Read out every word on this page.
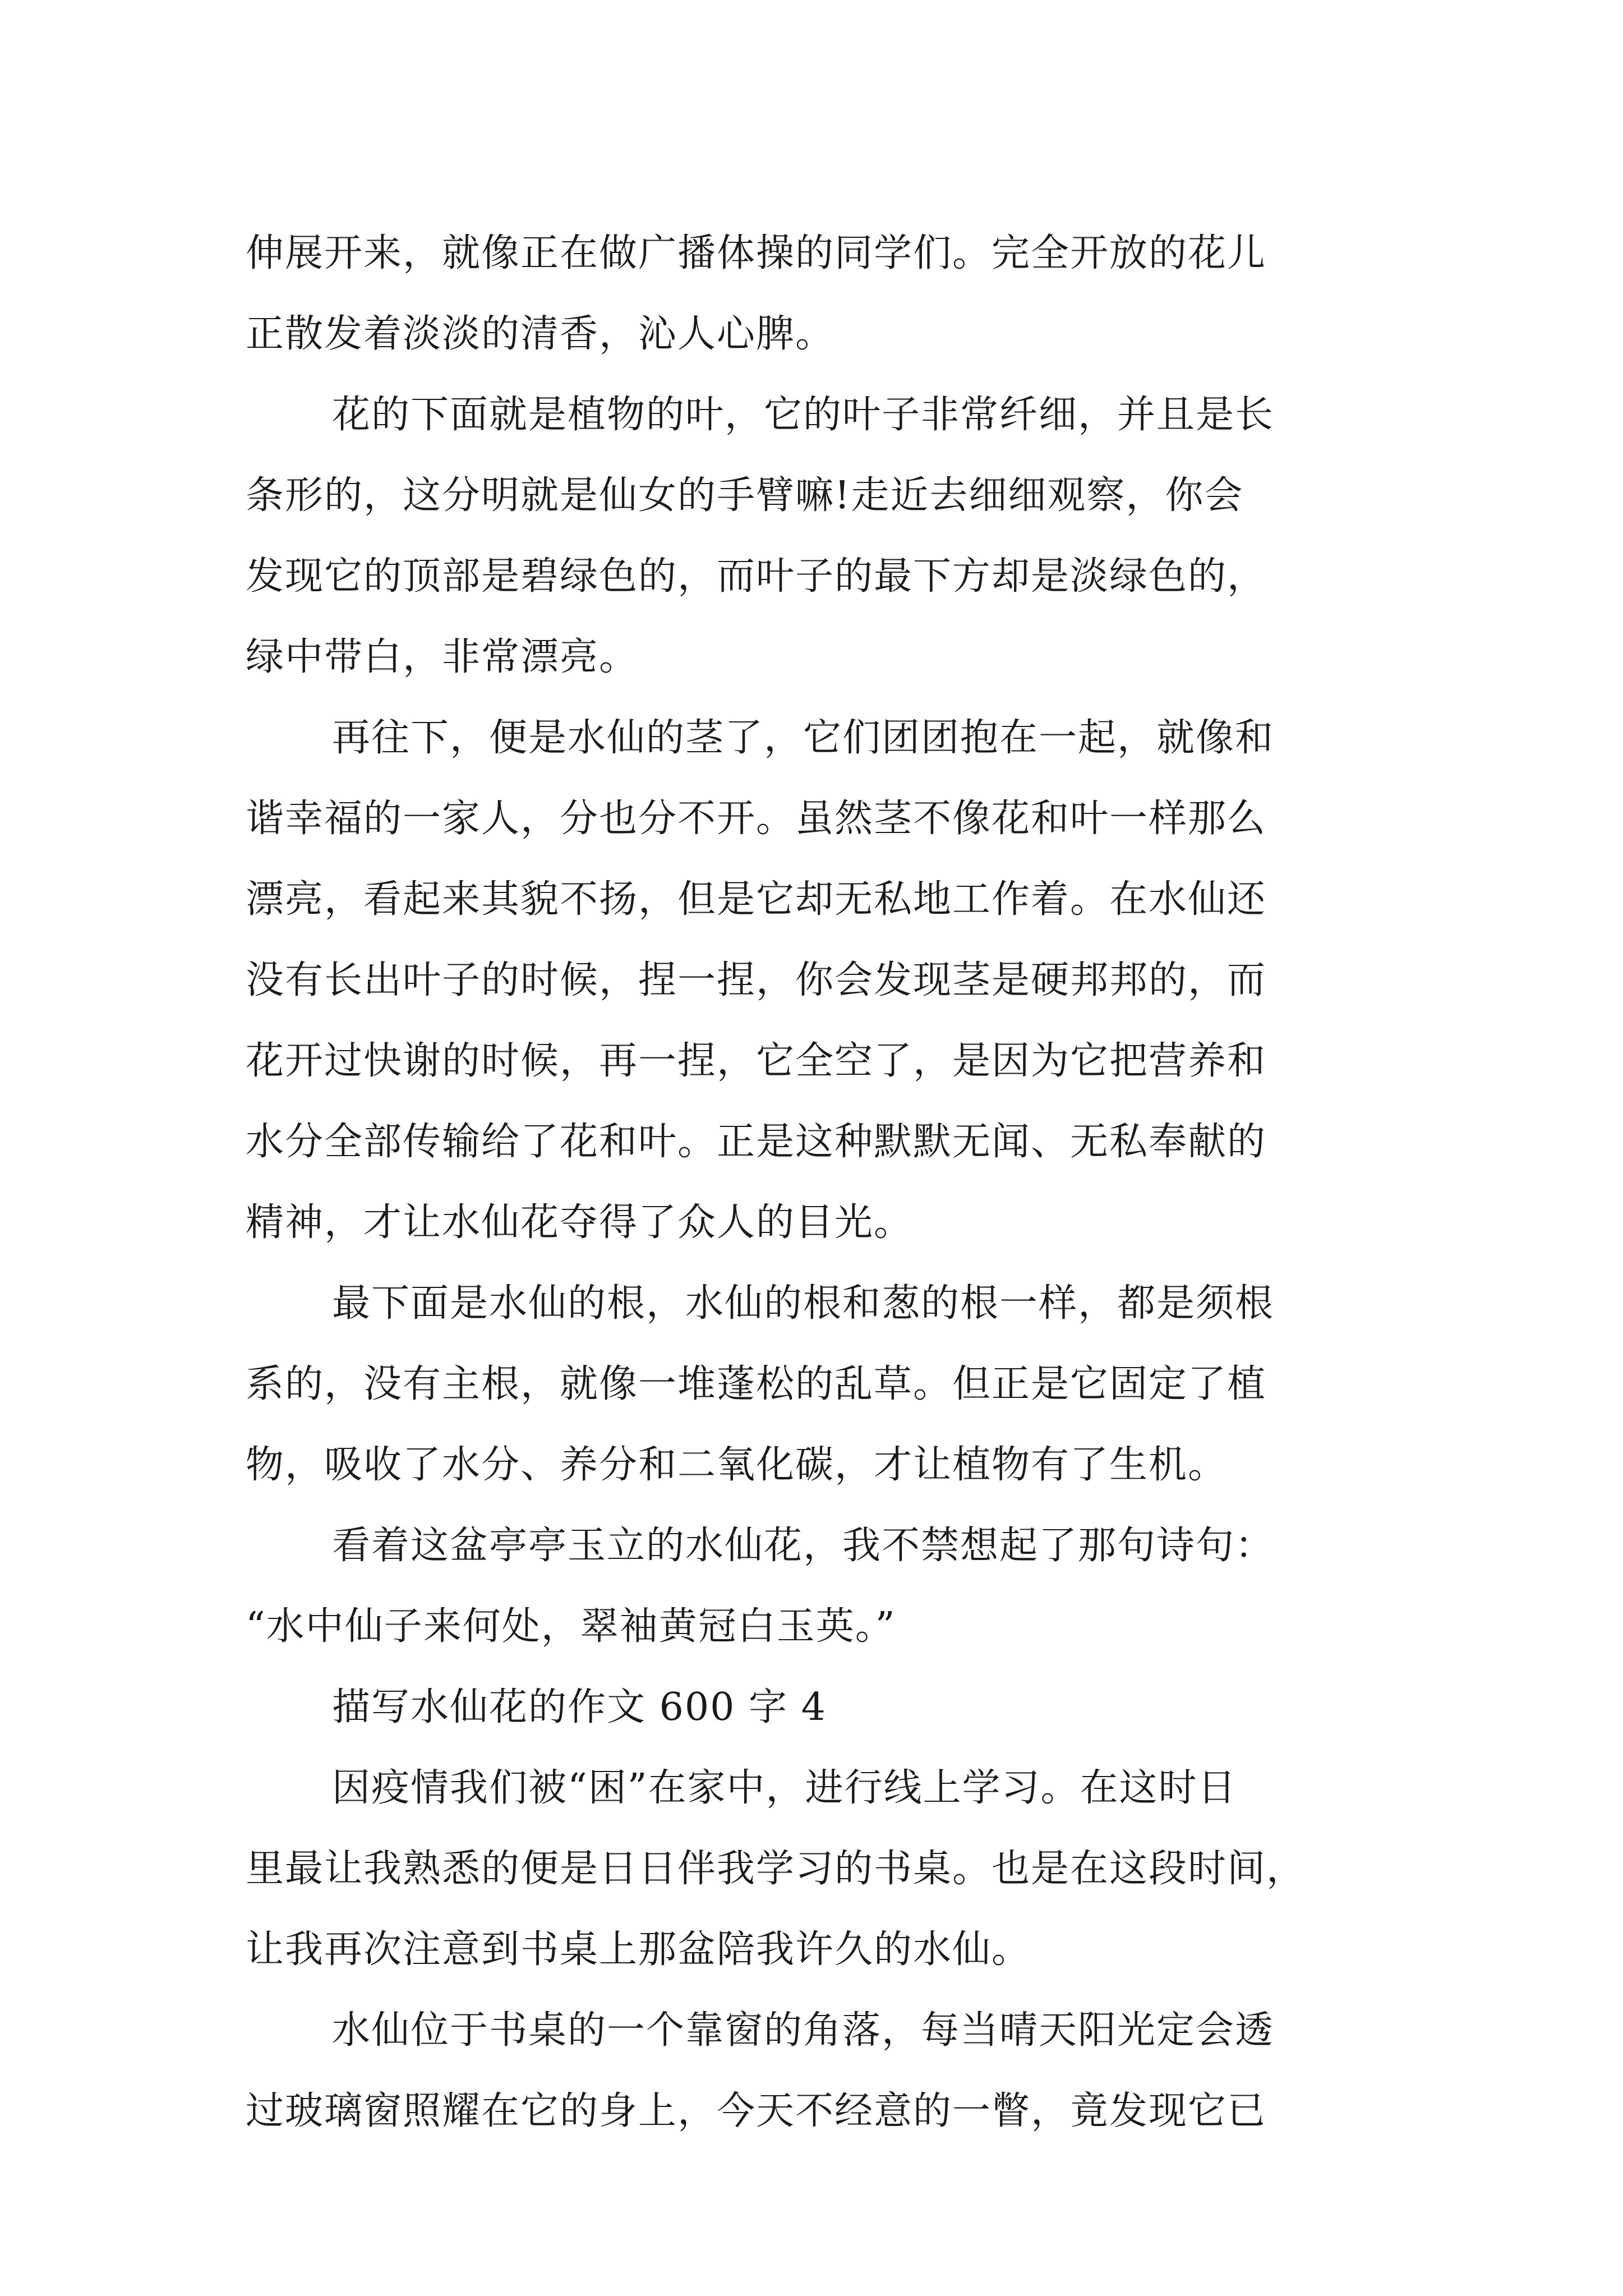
伸展开来，就像正在做广播体操的同学们。完全开放的花儿
正散发着淡淡的清香，沁人心脾。
花的下面就是植物的叶，它的叶子非常纤细，并且是长
条形的，这分明就是仙女的手臂嘛!走近去细细观察，你会
发现它的顶部是碧绿色的，而叶子的最下方却是淡绿色的，
绿中带白，非常漂亮。
再往下，便是水仙的茎了，它们团团抱在一起，就像和
谐幸福的一家人，分也分不开。虽然茎不像花和叶一样那么
漂亮，看起来其貌不扬，但是它却无私地工作着。在水仙还
没有长出叶子的时候，捏一捏，你会发现茎是硬邦邦的，而
花开过快谢的时候，再一捏，它全空了，是因为它把营养和
水分全部传输给了花和叶。正是这种默默无闻、无私奉献的
精神，才让水仙花夺得了众人的目光。
最下面是水仙的根，水仙的根和葱的根一样，都是须根
系的，没有主根，就像一堆蓬松的乱草。但正是它固定了植
物，吸收了水分、养分和二氧化碳，才让植物有了生机。
看着这盆亭亭玉立的水仙花，我不禁想起了那句诗句：
“水中仙子来何处，翠袖黄冠白玉英。”
描写水仙花的作文 600 字 4
因疫情我们被“困”在家中，进行线上学习。在这时日
里最让我熟悉的便是日日伴我学习的书桌。也是在这段时间，
让我再次注意到书桌上那盆陪我许久的水仙。
水仙位于书桌的一个靠窗的角落，每当晴天阳光定会透
过玻璃窗照耀在它的身上，今天不经意的一瞥，竟发现它已
